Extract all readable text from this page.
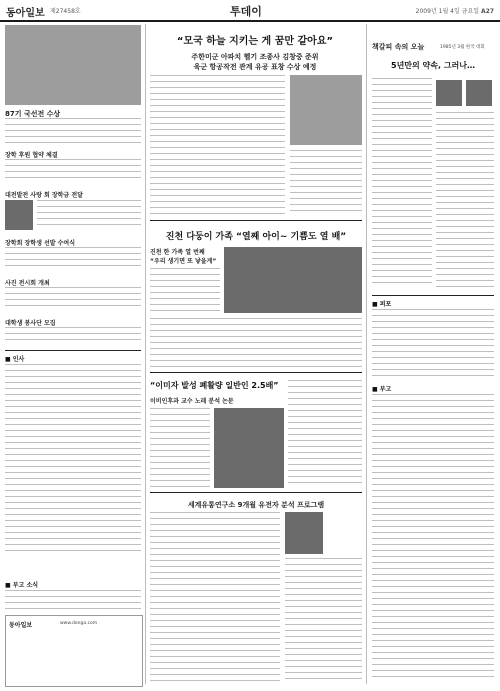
동아일보 제27458호	투데이	2009년 1월 4일 금요일 A27
87기 국선전 수상
장학 후원 협약 체결
대전발전 사랑 회 장학금 전달
장학회 장학생 선발 수여식
사진 전시회 개최
대학생 봉사단 모집
■ 인사
■ 부고 소식
동아일보	www.donga.com
“모국 하늘 지키는 게 꿈만 같아요”
주한미군 아파치 헬기 조종사 김창중 준위
육군 항공작전 관계 유공 표창 수상 예정
진천 다둥이 가족 “열째 아이~ 기쁨도 열 배”
진천 한 가족 열 번째
“우리 생기면 또 낳을게”
“이미자 발성 폐활량 일반인 2.5배”
이비인후과 교수 노래 분석 논문
세계유통연구소 9개월 유전자 분석 프로그램
책갈피 속의 오늘	1985년 3월 한국 대회
5년만의 약속, 그러나…
■ 퍼포
■ 부고
